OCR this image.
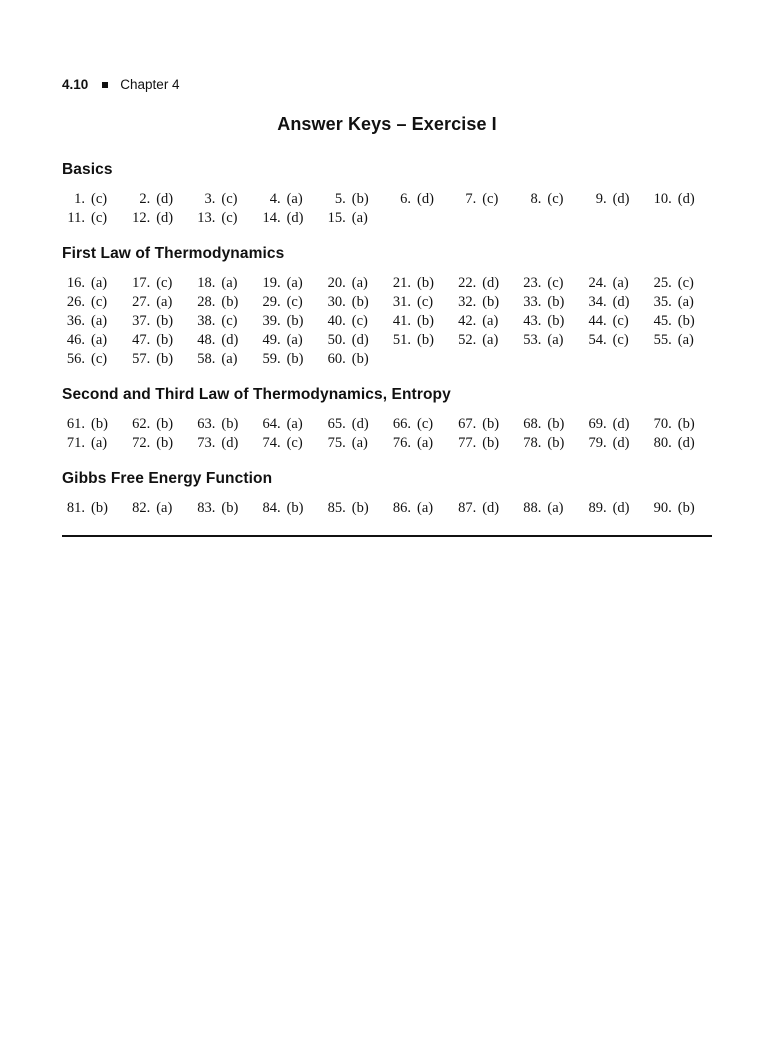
4.10 Chapter 4
Answer Keys – Exercise I
Basics
1. (c)	2. (d)	3. (c)	4. (a)	5. (b)	6. (d)	7. (c)	8. (c)	9. (d)	10. (d)
11. (c)	12. (d)	13. (c)	14. (d)	15. (a)
First Law of Thermodynamics
16. (a)	17. (c)	18. (a)	19. (a)	20. (a)	21. (b)	22. (d)	23. (c)	24. (a)	25. (c)
26. (c)	27. (a)	28. (b)	29. (c)	30. (b)	31. (c)	32. (b)	33. (b)	34. (d)	35. (a)
36. (a)	37. (b)	38. (c)	39. (b)	40. (c)	41. (b)	42. (a)	43. (b)	44. (c)	45. (b)
46. (a)	47. (b)	48. (d)	49. (a)	50. (d)	51. (b)	52. (a)	53. (a)	54. (c)	55. (a)
56. (c)	57. (b)	58. (a)	59. (b)	60. (b)
Second and Third Law of Thermodynamics, Entropy
61. (b)	62. (b)	63. (b)	64. (a)	65. (d)	66. (c)	67. (b)	68. (b)	69. (d)	70. (b)
71. (a)	72. (b)	73. (d)	74. (c)	75. (a)	76. (a)	77. (b)	78. (b)	79. (d)	80. (d)
Gibbs Free Energy Function
81. (b)	82. (a)	83. (b)	84. (b)	85. (b)	86. (a)	87. (d)	88. (a)	89. (d)	90. (b)
